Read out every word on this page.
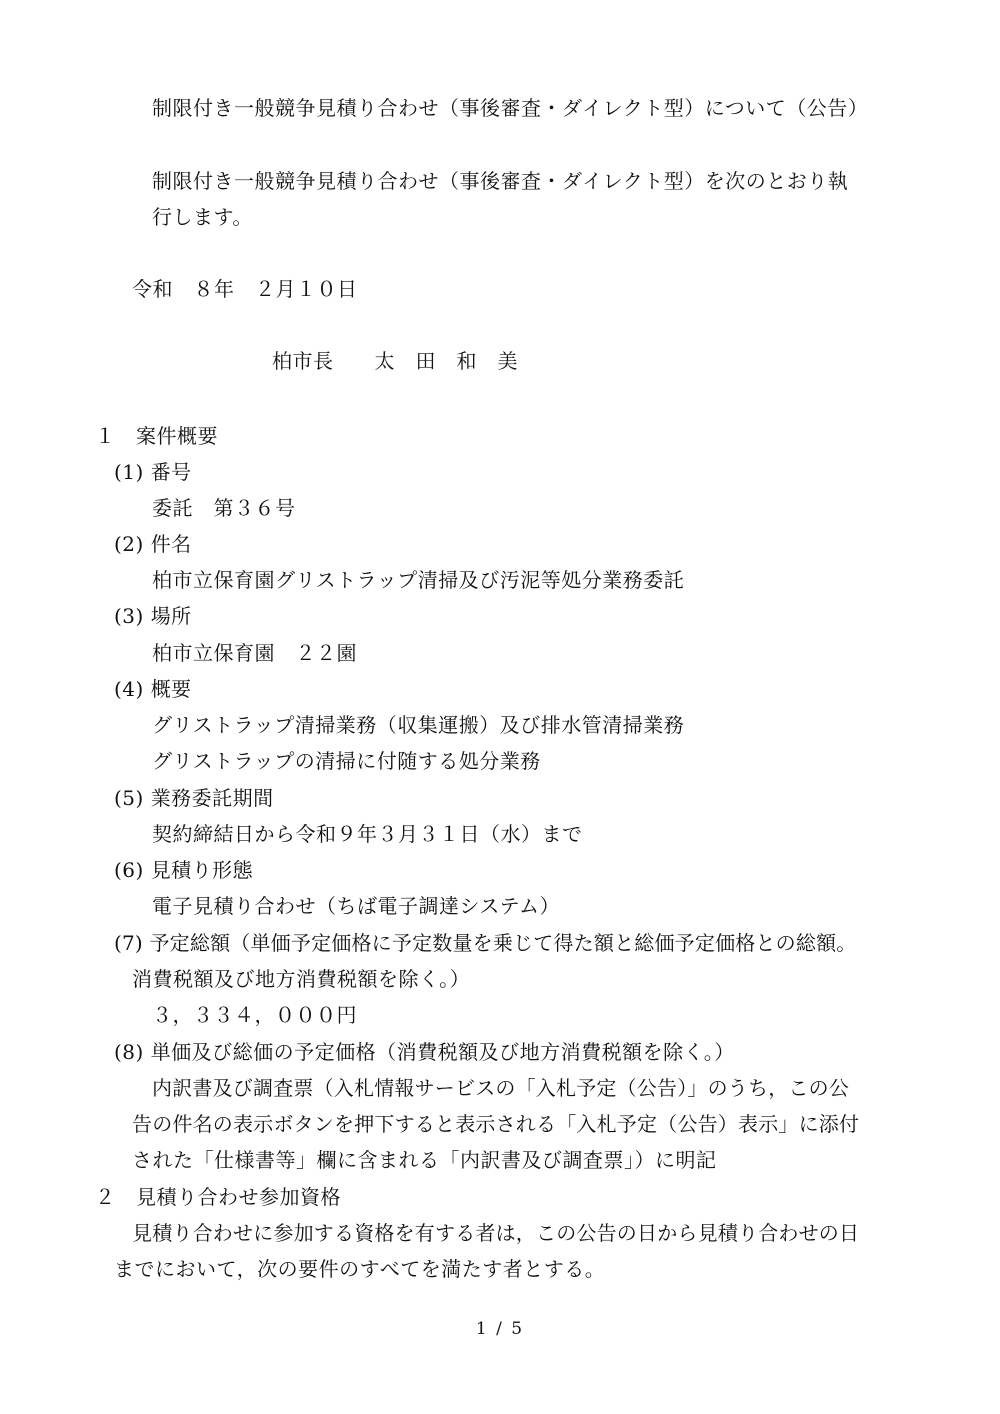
制限付き一般競争見積り合わせ（事後審査・ダイレクト型）について（公告）
制限付き一般競争見積り合わせ（事後審査・ダイレクト型）を次のとおり執
行します。
令和　８年　２月１０日
柏市長　　太　田　和　美
１　案件概要
(1) 番号
委託　第３６号
(2) 件名
柏市立保育園グリストラップ清掃及び汚泥等処分業務委託
(3) 場所
柏市立保育園　２２園
(4) 概要
グリストラップ清掃業務（収集運搬）及び排水管清掃業務
グリストラップの清掃に付随する処分業務
(5) 業務委託期間
契約締結日から令和９年３月３１日（水）まで
(6) 見積り形態
電子見積り合わせ（ちば電子調達システム）
(7) 予定総額（単価予定価格に予定数量を乗じて得た額と総価予定価格との総額。
消費税額及び地方消費税額を除く。）
３，３３４，０００円
(8) 単価及び総価の予定価格（消費税額及び地方消費税額を除く。）
内訳書及び調査票（入札情報サービスの「入札予定（公告）」のうち，この公
告の件名の表示ボタンを押下すると表示される「入札予定（公告）表示」に添付
された「仕様書等」欄に含まれる「内訳書及び調査票」）に明記
２　見積り合わせ参加資格
見積り合わせに参加する資格を有する者は，この公告の日から見積り合わせの日
までにおいて，次の要件のすべてを満たす者とする。
1 / 5
